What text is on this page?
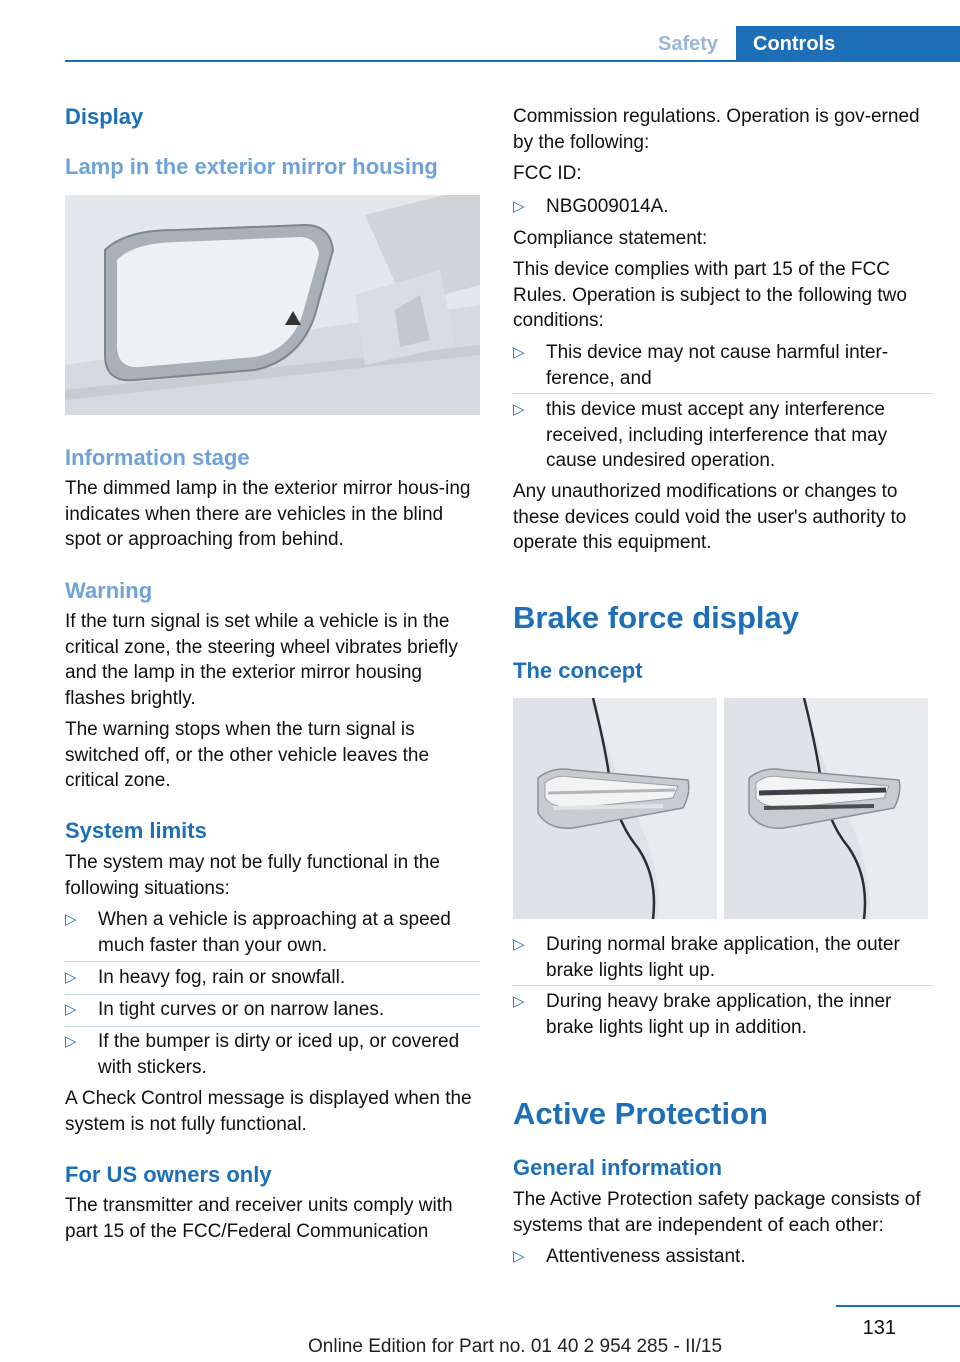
Safety	Controls
Display
Lamp in the exterior mirror housing
Information stage

The dimmed lamp in the exterior mirror hous-ing indicates when there are vehicles in the blind spot or approaching from behind.

Warning

If the turn signal is set while a vehicle is in the critical zone, the steering wheel vibrates briefly and the lamp in the exterior mirror housing flashes brightly.

The warning stops when the turn signal is switched off, or the other vehicle leaves the critical zone.

System limits

The system may not be fully functional in the following situations:

▷ When a vehicle is approaching at a speed much faster than your own.
▷ In heavy fog, rain or snowfall.
▷ In tight curves or on narrow lanes.
▷ If the bumper is dirty or iced up, or covered with stickers.

A Check Control message is displayed when the system is not fully functional.

For US owners only

The transmitter and receiver units comply with part 15 of the FCC/Federal Communication

Commission regulations. Operation is gov-erned by the following:

FCC ID:

▷ NBG009014A.

Compliance statement:

This device complies with part 15 of the FCC Rules. Operation is subject to the following two conditions:

▷ This device may not cause harmful inter-ference, and
▷ this device must accept any interference received, including interference that may cause undesired operation.

Any unauthorized modifications or changes to these devices could void the user's authority to operate this equipment.

Brake force display
The concept
▷ During normal brake application, the outer brake lights light up.
▷ During heavy brake application, the inner brake lights light up in addition.
Active Protection
General information

The Active Protection safety package consists of systems that are independent of each other:

▷ Attentiveness assistant.
131
Online Edition for Part no. 01 40 2 954 285 - II/15
